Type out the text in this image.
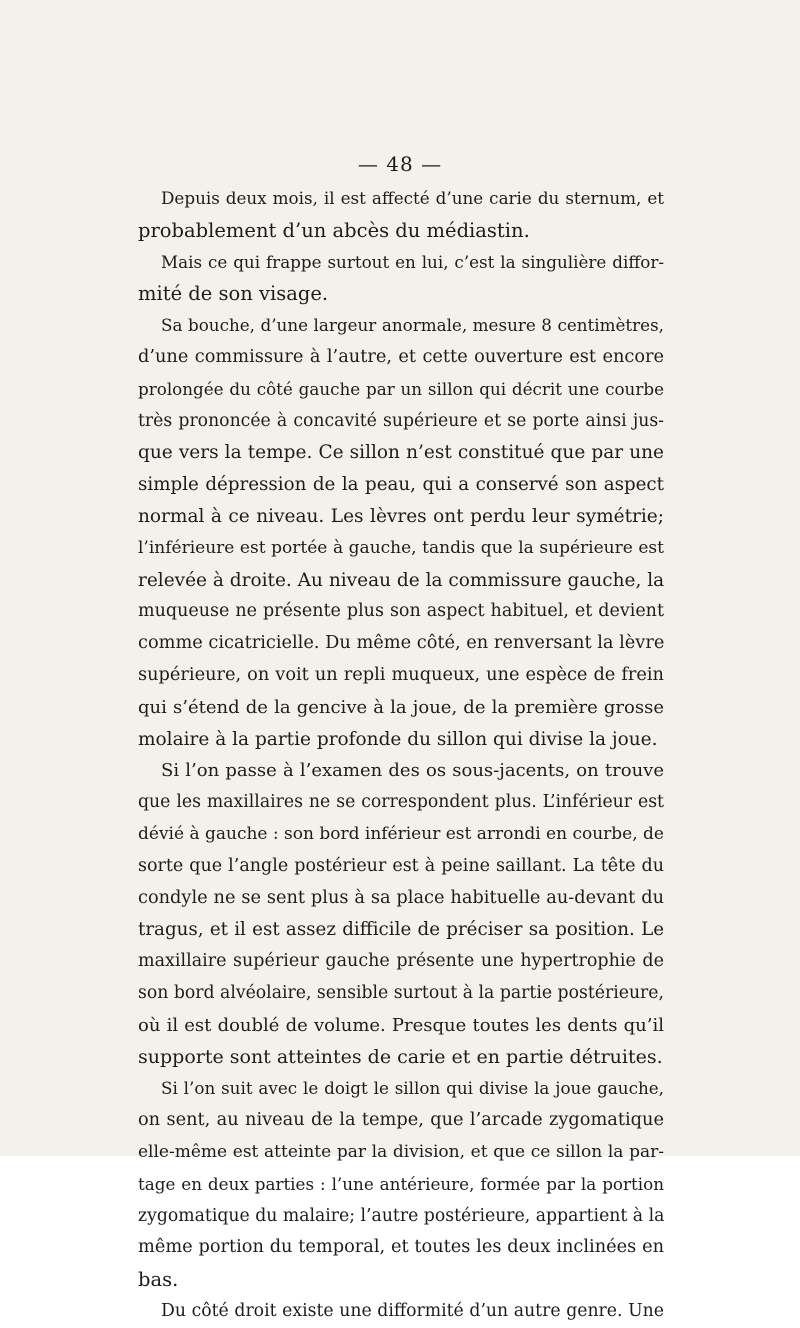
— 48 —
Depuis deux mois, il est affecté d’une carie du sternum, et
probablement d’un abcès du médiastin.
Mais ce qui frappe surtout en lui, c’est la singulière diffor-
mité de son visage.
Sa bouche, d’une largeur anormale, mesure 8 centimètres,
d’une commissure à l’autre, et cette ouverture est encore
prolongée du côté gauche par un sillon qui décrit une courbe
très prononcée à concavité supérieure et se porte ainsi jus-
que vers la tempe. Ce sillon n’est constitué que par une
simple dépression de la peau, qui a conservé son aspect
normal à ce niveau. Les lèvres ont perdu leur symétrie;
l’inférieure est portée à gauche, tandis que la supérieure est
relevée à droite. Au niveau de la commissure gauche, la
muqueuse ne présente plus son aspect habituel, et devient
comme cicatricielle. Du même côté, en renversant la lèvre
supérieure, on voit un repli muqueux, une espèce de frein
qui s’étend de la gencive à la joue, de la première grosse
molaire à la partie profonde du sillon qui divise la joue.
Si l’on passe à l’examen des os sous-jacents, on trouve
que les maxillaires ne se correspondent plus. L’inférieur est
dévié à gauche : son bord inférieur est arrondi en courbe, de
sorte que l’angle postérieur est à peine saillant. La tête du
condyle ne se sent plus à sa place habituelle au-devant du
tragus, et il est assez difficile de préciser sa position. Le
maxillaire supérieur gauche présente une hypertrophie de
son bord alvéolaire, sensible surtout à la partie postérieure,
où il est doublé de volume. Presque toutes les dents qu’il
supporte sont atteintes de carie et en partie détruites.
Si l’on suit avec le doigt le sillon qui divise la joue gauche,
on sent, au niveau de la tempe, que l’arcade zygomatique
elle-même est atteinte par la division, et que ce sillon la par-
tage en deux parties : l’une antérieure, formée par la portion
zygomatique du malaire; l’autre postérieure, appartient à la
même portion du temporal, et toutes les deux inclinées en
bas.
Du côté droit existe une difformité d’un autre genre. Une
